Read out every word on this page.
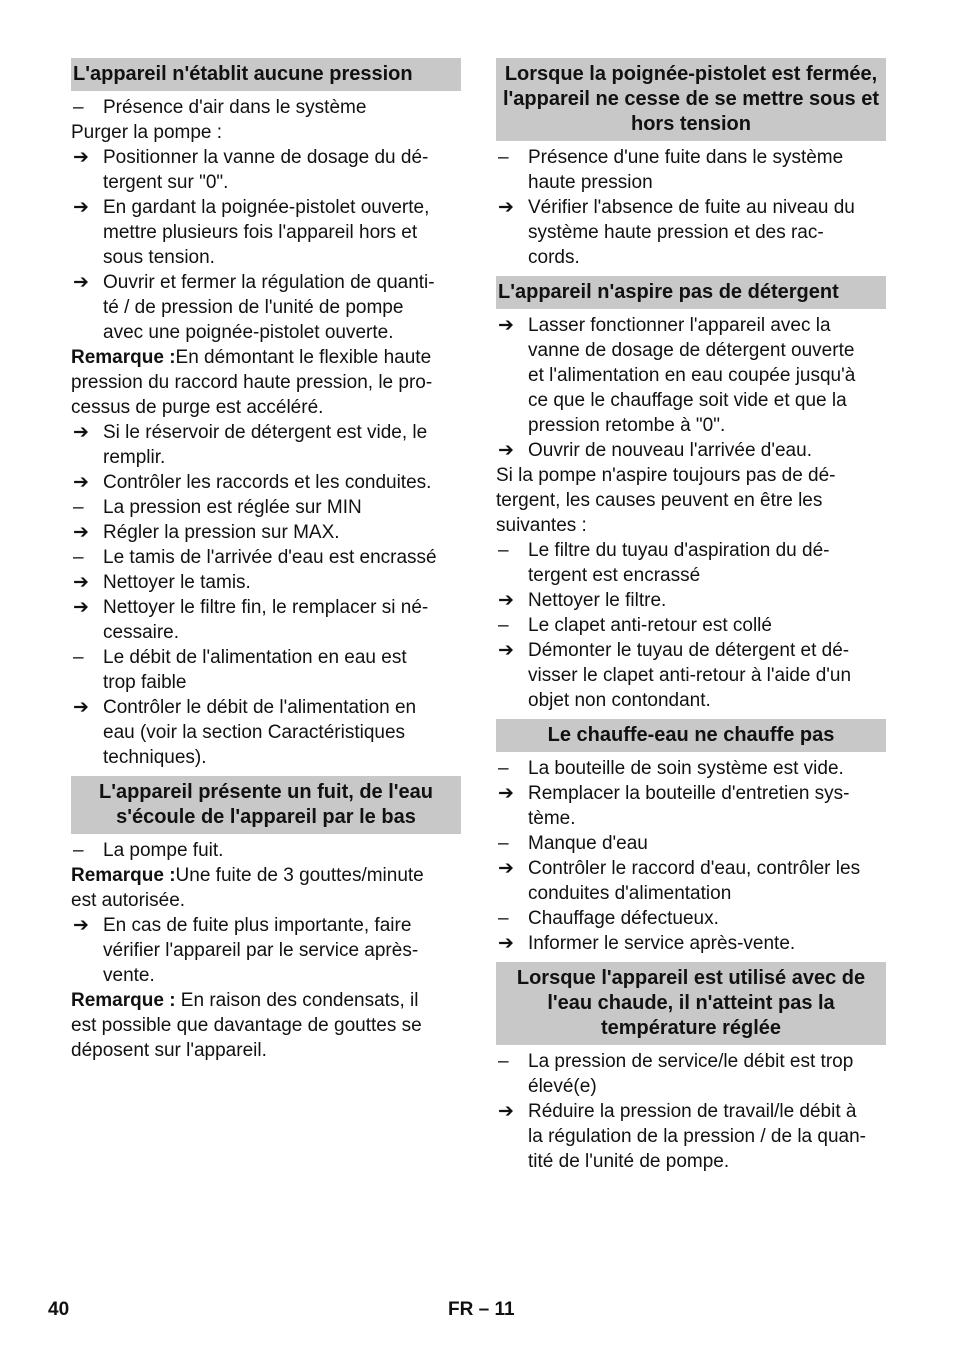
L'appareil n'établit aucune pression
–	Présence d'air dans le système
Purger la pompe :
➔ Positionner la vanne de dosage du dé-
tergent sur "0".
➔ En gardant la poignée-pistolet ouverte,
mettre plusieurs fois l'appareil hors et
sous tension.
➔ Ouvrir et fermer la régulation de quanti-
té / de pression de l'unité de pompe
avec une poignée-pistolet ouverte.
Remarque :En démontant le flexible haute
pression du raccord haute pression, le pro-
cessus de purge est accéléré.
➔ Si le réservoir de détergent est vide, le
remplir.
➔ Contrôler les raccords et les conduites.
–	La pression est réglée sur MIN
➔ Régler la pression sur MAX.
–	Le tamis de l'arrivée d'eau est encrassé
➔ Nettoyer le tamis.
➔ Nettoyer le filtre fin, le remplacer si né-
cessaire.
–	Le débit de l'alimentation en eau est
trop faible
➔ Contrôler le débit de l'alimentation en
eau (voir la section Caractéristiques
techniques).
L'appareil présente un fuit, de l'eau s'écoule de l'appareil par le bas
–	La pompe fuit.
Remarque :Une fuite de 3 gouttes/minute
est autorisée.
➔ En cas de fuite plus importante, faire
vérifier l'appareil par le service après-
vente.
Remarque : En raison des condensats, il
est possible que davantage de gouttes se
déposent sur l'appareil.
Lorsque la poignée-pistolet est fermée, l'appareil ne cesse de se mettre sous et hors tension
–	Présence d'une fuite dans le système
haute pression
➔ Vérifier l'absence de fuite au niveau du
système haute pression et des rac-
cords.
L'appareil n'aspire pas de détergent
➔ Lasser fonctionner l'appareil avec la
vanne de dosage de détergent ouverte
et l'alimentation en eau coupée jusqu'à
ce que le chauffage soit vide et que la
pression retombe à "0".
➔ Ouvrir de nouveau l'arrivée d'eau.
Si la pompe n'aspire toujours pas de dé-
tergent, les causes peuvent en être les
suivantes :
–	Le filtre du tuyau d'aspiration du dé-
tergent est encrassé
➔ Nettoyer le filtre.
–	Le clapet anti-retour est collé
➔ Démonter le tuyau de détergent et dé-
visser le clapet anti-retour à l'aide d'un
objet non contondant.
Le chauffe-eau ne chauffe pas
–	La bouteille de soin système est vide.
➔ Remplacer la bouteille d'entretien sys-
tème.
–	Manque d'eau
➔ Contrôler le raccord d'eau, contrôler les
conduites d'alimentation
–	Chauffage défectueux.
➔ Informer le service après-vente.
Lorsque l'appareil est utilisé avec de l'eau chaude, il n'atteint pas la température réglée
–	La pression de service/le débit est trop
élevé(e)
➔ Réduire la pression de travail/le débit à
la régulation de la pression / de la quan-
tité de l'unité de pompe.
40	FR – 11
